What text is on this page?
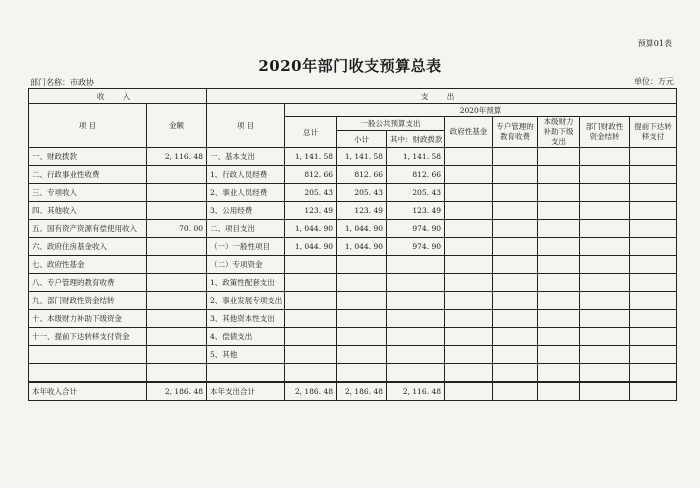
预算01表
2020年部门收支预算总表
部门名称：市政协	单位：万元
收 入		支 出								
项 目	金额	项 目	2020年预算							
			总计	一般公共预算支出		政府性基金	专户管理的教育收费	本级财力补助下级支出	部门财政性资金结转	提前下达转移支付
				小计	其中：财政拨款					
一、财政拨款	2, 116. 48	一、基本支出	1, 141. 58	1, 141. 58	1, 141. 58					
二、行政事业性收费		1、行政人员经费	812. 66	812. 66	812. 66					
三、专项收入		2、事业人员经费	205. 43	205. 43	205. 43					
四、其他收入		3、公用经费	123. 49	123. 49	123. 49					
五、国有资产资源有偿使用收入	70. 00	二、项目支出	1, 044. 90	1, 044. 90	974. 90					
六、政府住房基金收入		（一）一般性项目	1, 044. 90	1, 044. 90	974. 90					
七、政府性基金		（二）专项资金								
八、专户管理的教育收费		1、政策性配套支出								
九、部门财政性资金结转		2、事业发展专项支出								
十、本级财力补助下级资金		3、其他资本性支出								
十一、提前下达转移支付资金		4、偿债支出								
		5、其他								

本年收入合计	2, 186. 48	本年支出合计	2, 186. 48	2, 186. 48	2, 116. 48					
